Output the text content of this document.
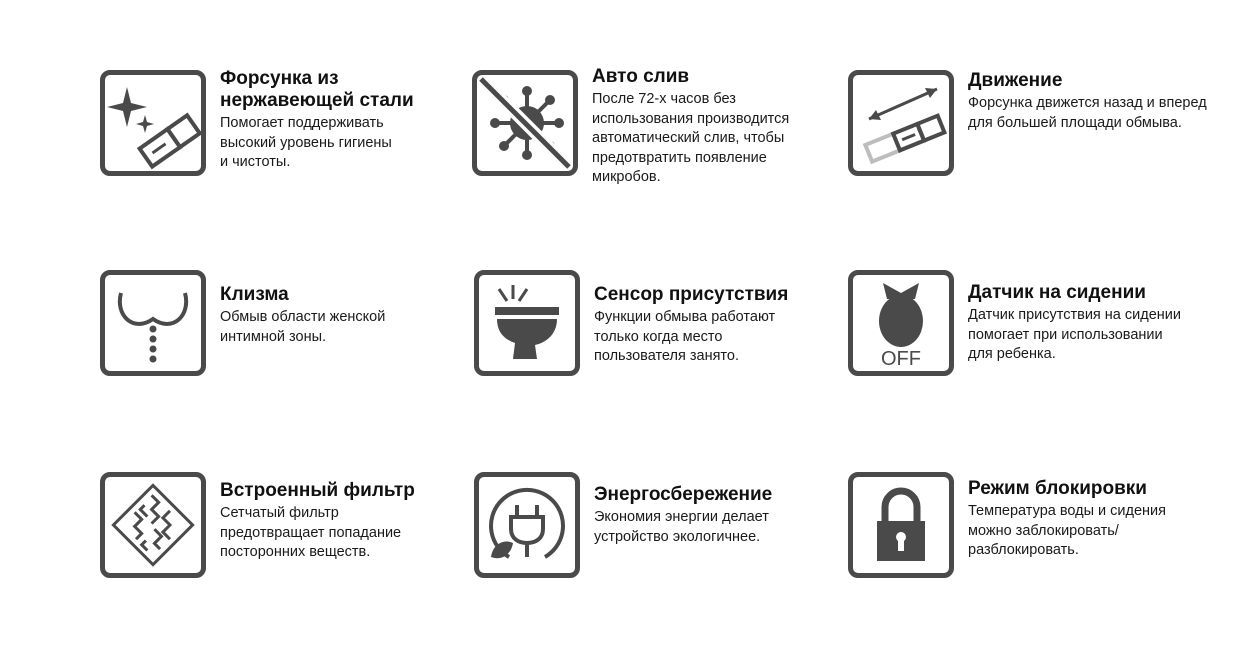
Форсунка из
нержавеющей стали
Помогает поддерживать
высокий уровень гигиены
и чистоты.
Авто слив
После 72-х часов без
использования производится
автоматический слив, чтобы
предотвратить появление
микробов.
Движение
Форсунка движется назад и вперед
для большей площади обмыва.
Клизма
Обмыв области женской
интимной зоны.
Сенсор присутствия
Функции обмыва работают
только когда место
пользователя занято.	OFF
Датчик на сидении
Датчик присутствия на сидении
помогает при использовании
для ребенка.
Встроенный фильтр
Сетчатый фильтр
предотвращает попадание
посторонних веществ.
Энергосбережение
Экономия энергии делает
устройство экологичнее.
Режим блокировки
Температура воды и сидения
можно заблокировать/
разблокировать.
